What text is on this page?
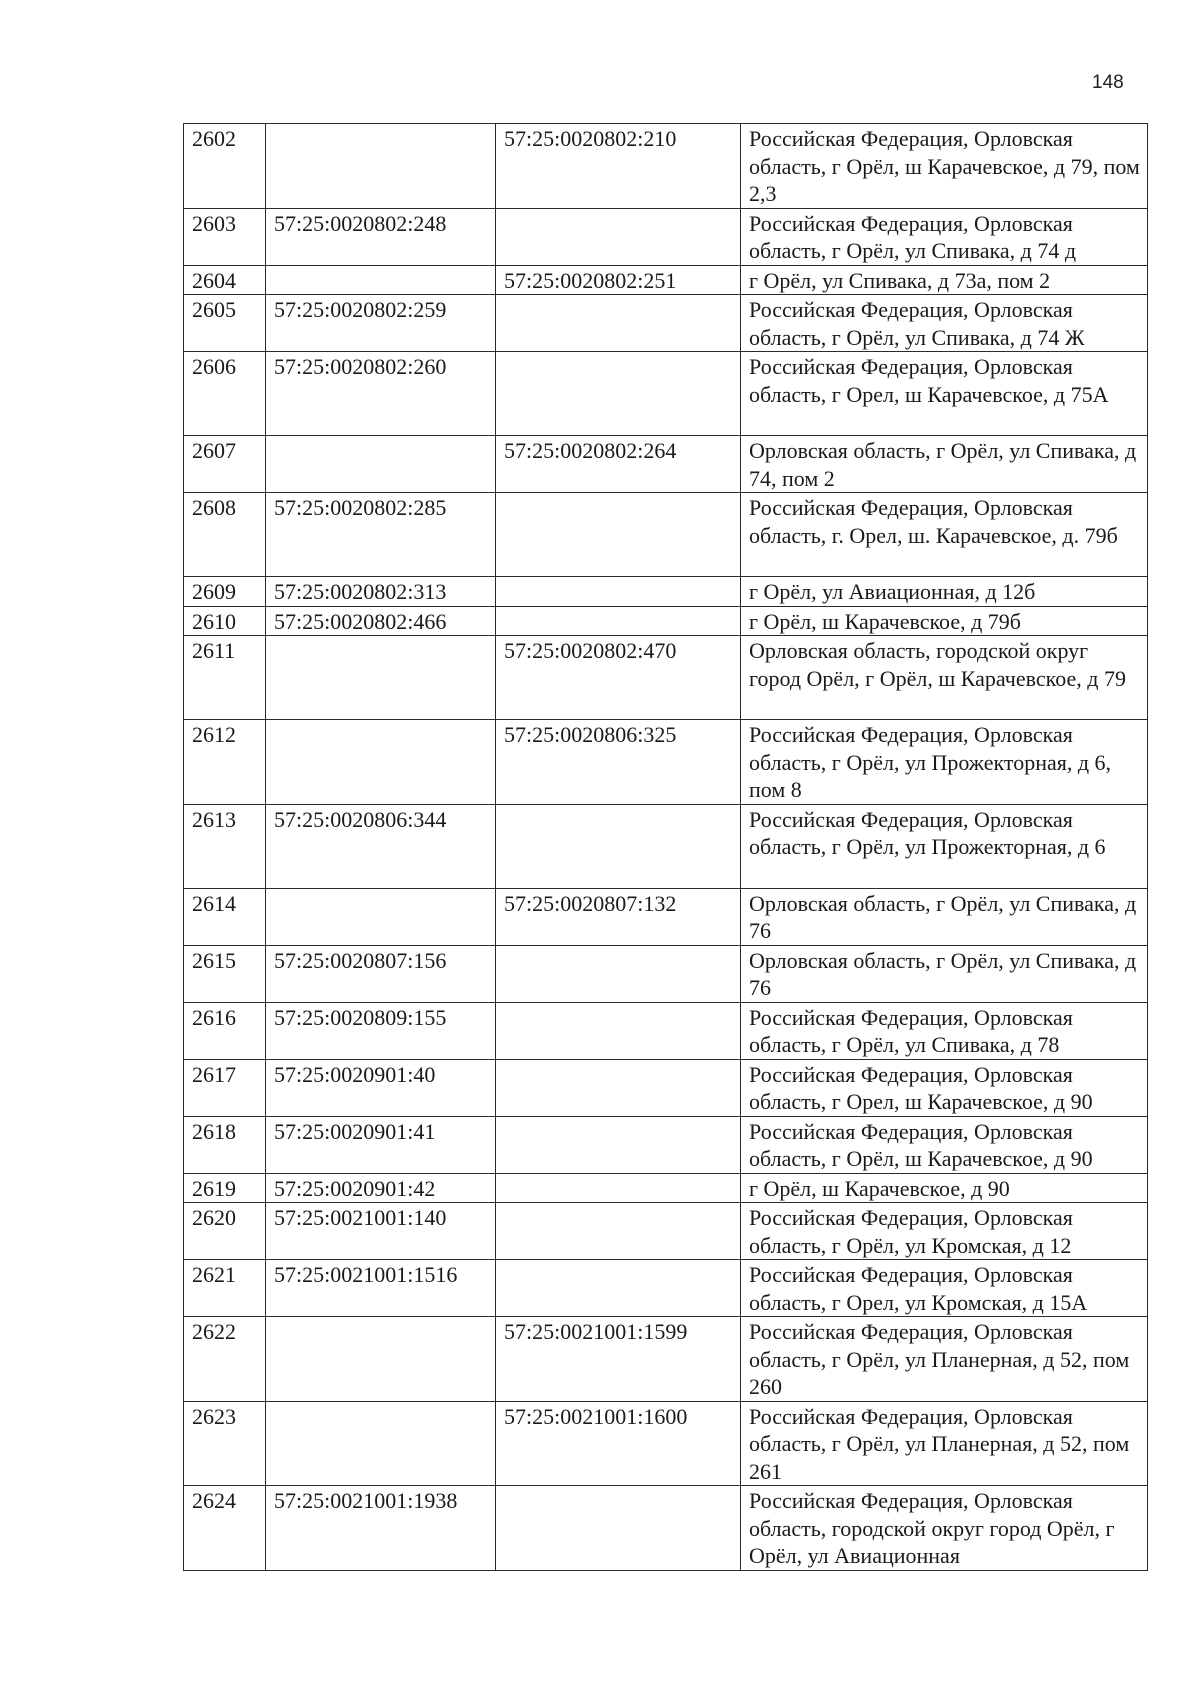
148
2602		57:25:0020802:210	Российская Федерация, Орловская область, г Орёл, ш Карачевское, д 79, пом 2,3
2603	57:25:0020802:248		Российская Федерация, Орловская область, г Орёл, ул Спивака, д 74 д
2604		57:25:0020802:251	г Орёл, ул Спивака, д 73а, пом 2
2605	57:25:0020802:259		Российская Федерация, Орловская область, г Орёл, ул Спивака, д 74 Ж
2606	57:25:0020802:260		Российская Федерация, Орловская область, г Орел, ш Карачевское, д 75А
2607		57:25:0020802:264	Орловская область, г Орёл, ул Спивака, д 74, пом 2
2608	57:25:0020802:285		Российская Федерация, Орловская область, г. Орел, ш. Карачевское, д. 79б
2609	57:25:0020802:313		г Орёл, ул Авиационная, д 12б
2610	57:25:0020802:466		г Орёл, ш Карачевское, д 79б
2611		57:25:0020802:470	Орловская область, городской округ город Орёл, г Орёл, ш Карачевское, д 79
2612		57:25:0020806:325	Российская Федерация, Орловская область, г Орёл, ул Прожекторная, д 6, пом 8
2613	57:25:0020806:344		Российская Федерация, Орловская область, г Орёл, ул Прожекторная, д 6
2614		57:25:0020807:132	Орловская область, г Орёл, ул Спивака, д 76
2615	57:25:0020807:156		Орловская область, г Орёл, ул Спивака, д 76
2616	57:25:0020809:155		Российская Федерация, Орловская область, г Орёл, ул Спивака, д 78
2617	57:25:0020901:40		Российская Федерация, Орловская область, г Орел, ш Карачевское, д 90
2618	57:25:0020901:41		Российская Федерация, Орловская область, г Орёл, ш Карачевское, д 90
2619	57:25:0020901:42		г Орёл, ш Карачевское, д 90
2620	57:25:0021001:140		Российская Федерация, Орловская область, г Орёл, ул Кромская, д 12
2621	57:25:0021001:1516		Российская Федерация, Орловская область, г Орел, ул Кромская, д 15А
2622		57:25:0021001:1599	Российская Федерация, Орловская область, г Орёл, ул Планерная, д 52, пом 260
2623		57:25:0021001:1600	Российская Федерация, Орловская область, г Орёл, ул Планерная, д 52, пом 261
2624	57:25:0021001:1938		Российская Федерация, Орловская область, городской округ город Орёл, г Орёл, ул Авиационная
